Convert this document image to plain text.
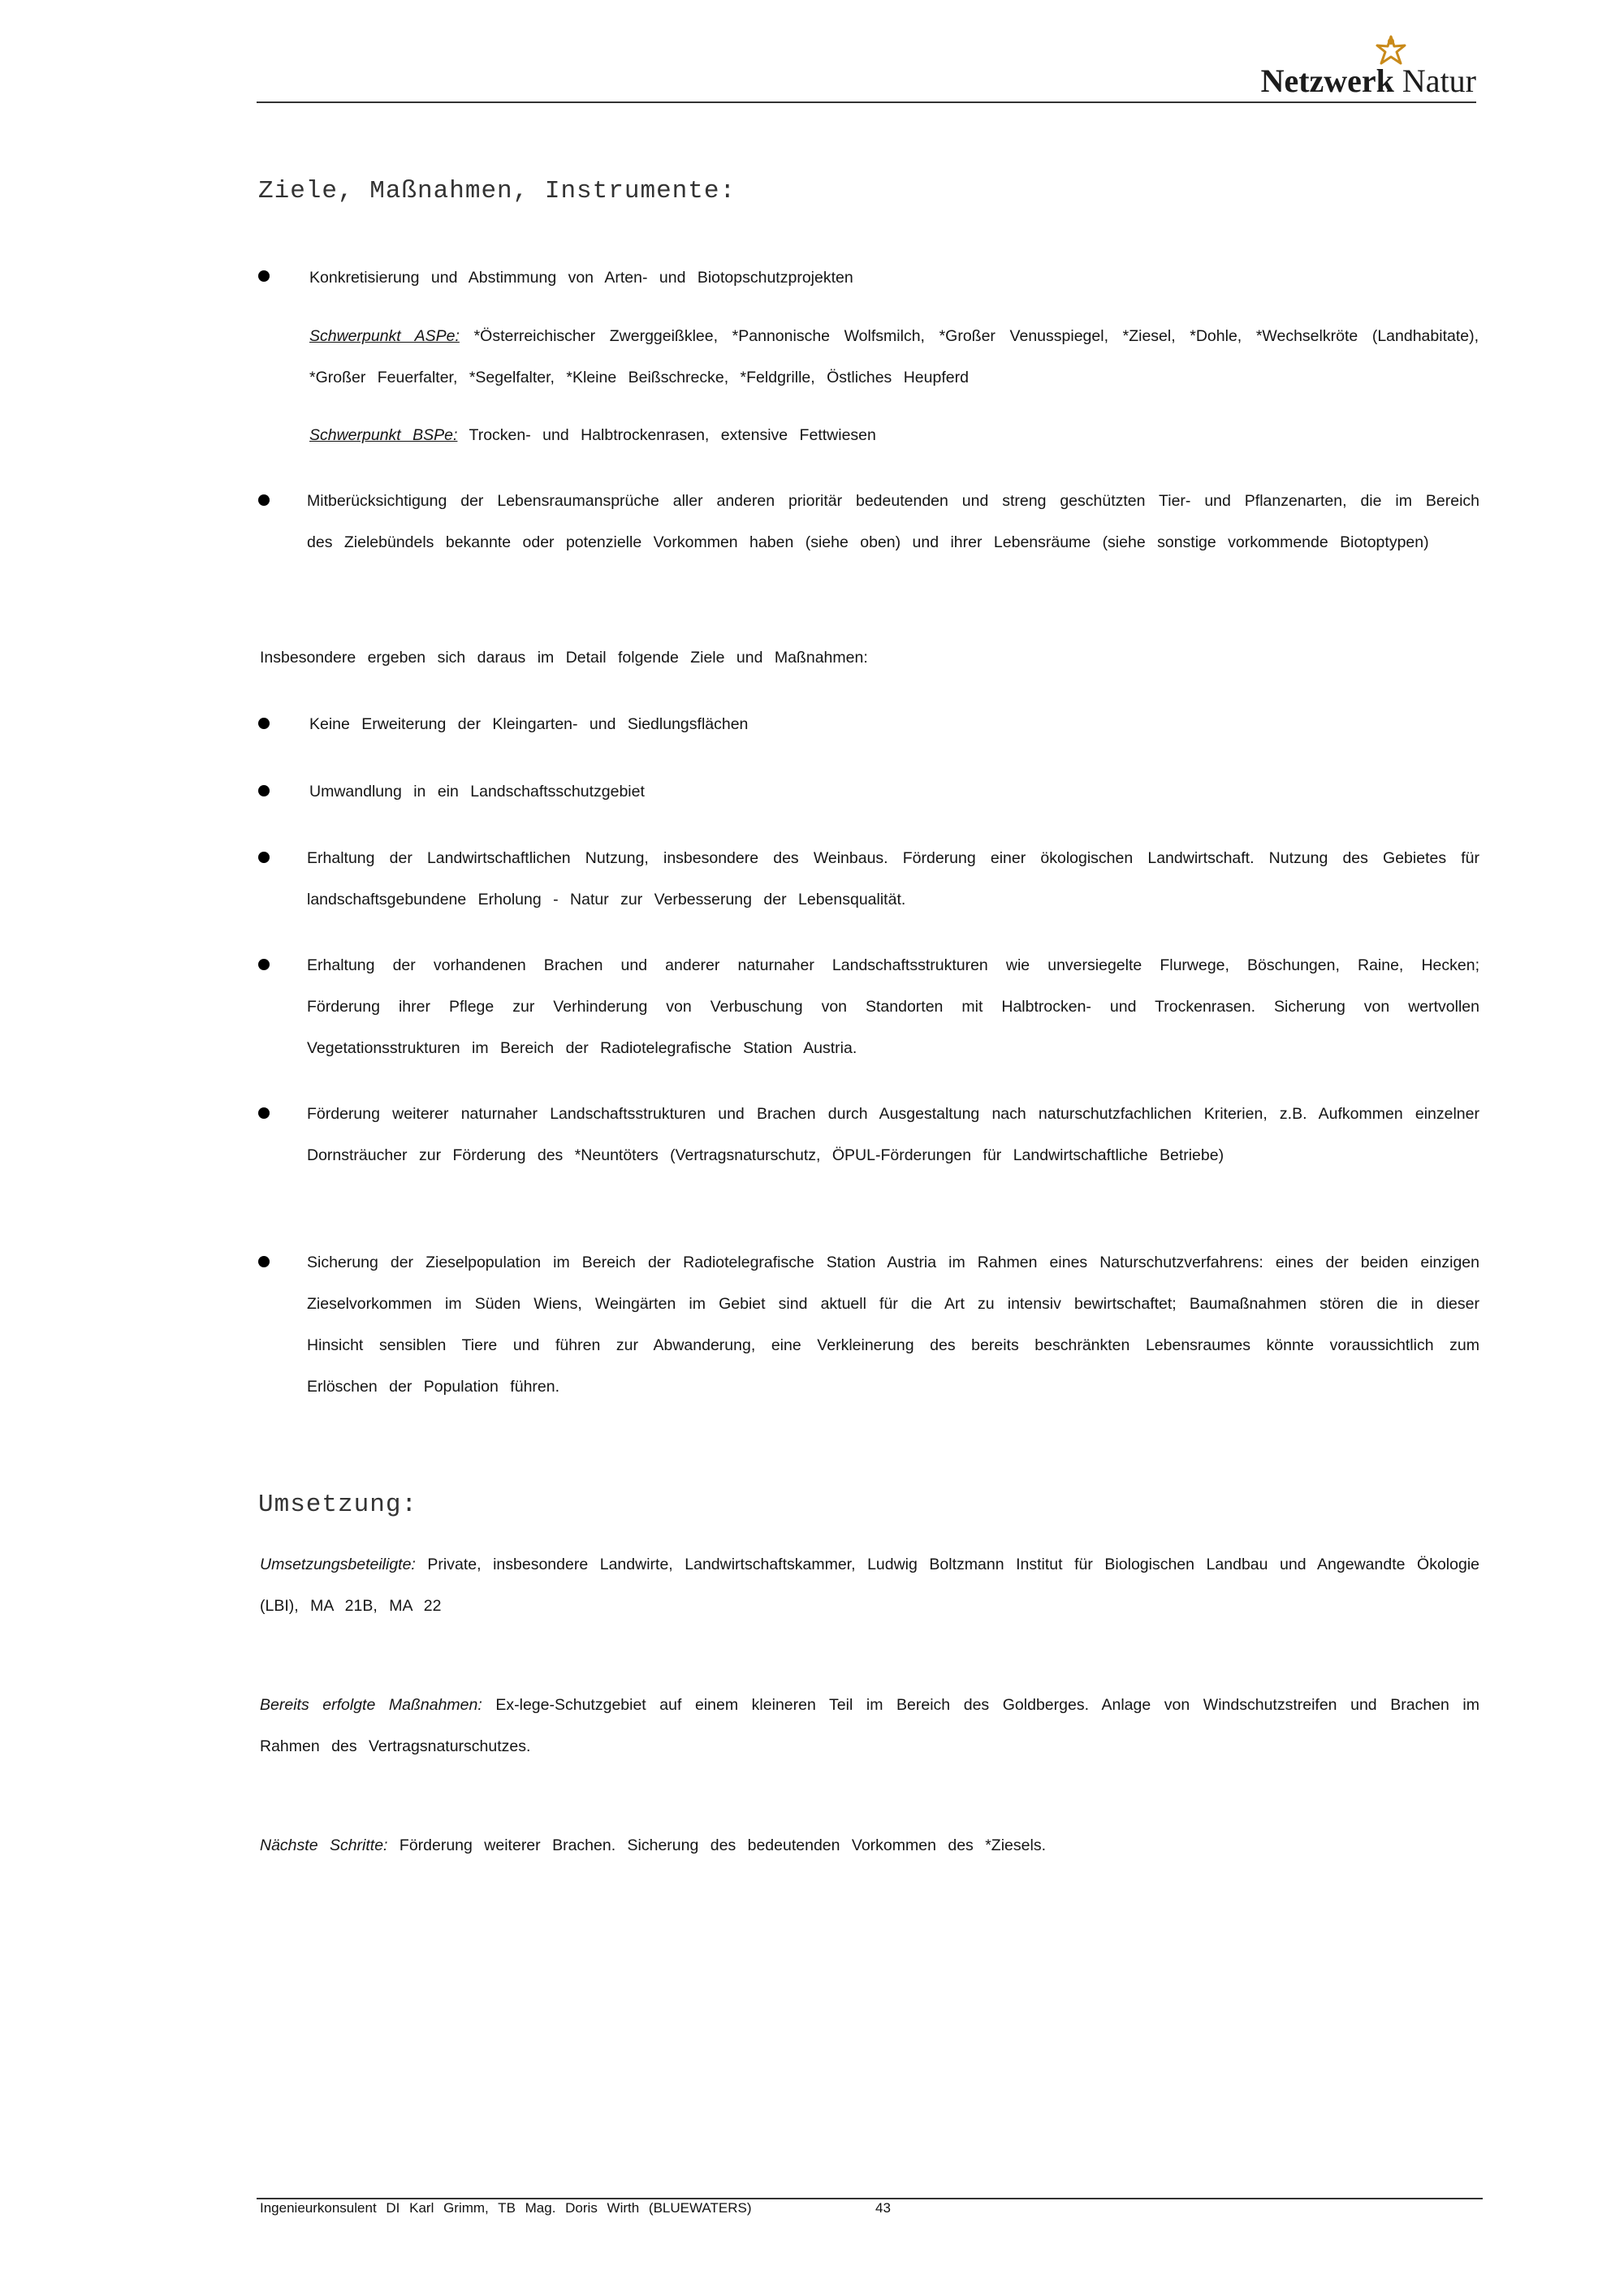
Netzwerk Natur
Ziele, Maßnahmen, Instrumente:
Konkretisierung und Abstimmung von Arten- und Biotopschutzprojekten
Schwerpunkt ASPe: *Österreichischer Zwerggeißklee, *Pannonische Wolfsmilch, *Großer Venusspiegel, *Ziesel, *Dohle, *Wechselkröte (Landhabitate), *Großer Feuerfalter, *Segelfalter, *Kleine Beißschrecke, *Feldgrille, Östliches Heupferd
Schwerpunkt BSPe: Trocken- und Halbtrockenrasen, extensive Fettwiesen
Mitberücksichtigung der Lebensraumansprüche aller anderen prioritär bedeutenden und streng geschützten Tier- und Pflanzenarten, die im Bereich des Zielebündels bekannte oder potenzielle Vorkommen haben (siehe oben) und ihrer Lebensräume (siehe sonstige vorkommende Biotoptypen)
Insbesondere ergeben sich daraus im Detail folgende Ziele und Maßnahmen:
Keine Erweiterung der Kleingarten- und Siedlungsflächen
Umwandlung in ein Landschaftsschutzgebiet
Erhaltung der Landwirtschaftlichen Nutzung, insbesondere des Weinbaus. Förderung einer ökologischen Landwirtschaft. Nutzung des Gebietes für landschaftsgebundene Erholung - Natur zur Verbesserung der Lebensqualität.
Erhaltung der vorhandenen Brachen und anderer naturnaher Landschaftsstrukturen wie unversiegelte Flurwege, Böschungen, Raine, Hecken; Förderung ihrer Pflege zur Verhinderung von Verbuschung von Standorten mit Halbtrocken- und Trockenrasen. Sicherung von wertvollen Vegetationsstrukturen im Bereich der Radiotelegrafische Station Austria.
Förderung weiterer naturnaher Landschaftsstrukturen und Brachen durch Ausgestaltung nach naturschutzfachlichen Kriterien, z.B. Aufkommen einzelner Dornsträucher zur Förderung des *Neuntöters (Vertragsnaturschutz, ÖPUL-Förderungen für Landwirtschaftliche Betriebe)
Sicherung der Zieselpopulation im Bereich der Radiotelegrafische Station Austria im Rahmen eines Naturschutzverfahrens: eines der beiden einzigen Zieselvorkommen im Süden Wiens, Weingärten im Gebiet sind aktuell für die Art zu intensiv bewirtschaftet; Baumaßnahmen stören die in dieser Hinsicht sensiblen Tiere und führen zur Abwanderung, eine Verkleinerung des bereits beschränkten Lebensraumes könnte voraussichtlich zum Erlöschen der Population führen.
Umsetzung:
Umsetzungsbeteiligte: Private, insbesondere Landwirte, Landwirtschaftskammer, Ludwig Boltzmann Institut für Biologischen Landbau und Angewandte Ökologie (LBI), MA 21B, MA 22
Bereits erfolgte Maßnahmen: Ex-lege-Schutzgebiet auf einem kleineren Teil im Bereich des Goldberges. Anlage von Windschutzstreifen und Brachen im Rahmen des Vertragsnaturschutzes.
Nächste Schritte: Förderung weiterer Brachen. Sicherung des bedeutenden Vorkommen des *Ziesels.
Ingenieurkonsulent DI Karl Grimm, TB Mag. Doris Wirth (BLUEWATERS)	43
